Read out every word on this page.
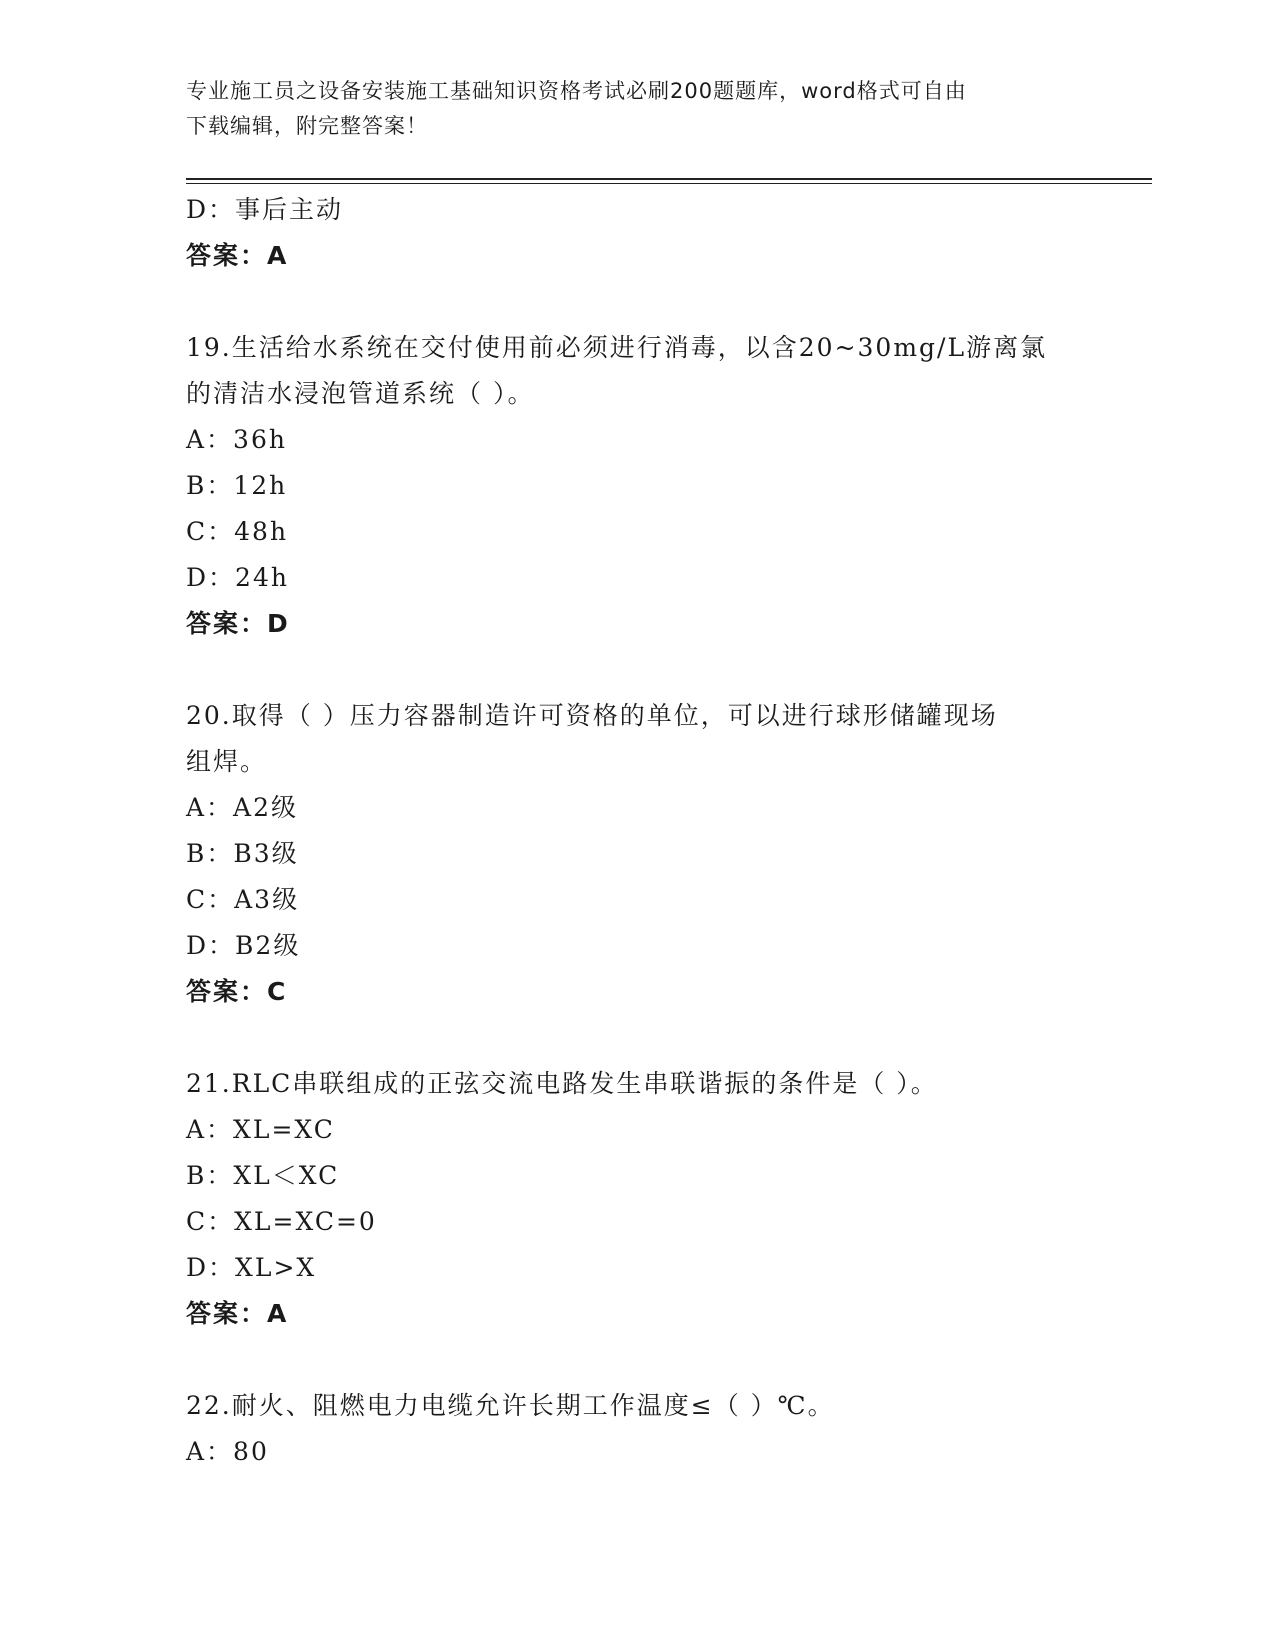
专业施工员之设备安装施工基础知识资格考试必刷200题题库，word格式可自由
下载编辑，附完整答案！
D：事后主动
答案：A
19.生活给水系统在交付使用前必须进行消毒，以含20~30mg/L游离氯
的清洁水浸泡管道系统（ ）。
A：36h
B：12h
C：48h
D：24h
答案：D
20.取得（ ）压力容器制造许可资格的单位，可以进行球形储罐现场
组焊。
A：A2级
B：B3级
C：A3级
D：B2级
答案：C
21.RLC串联组成的正弦交流电路发生串联谐振的条件是（ ）。
A：XL=XC
B：XL＜XC
C：XL=XC=0
D：XL>X
答案：A
22.耐火、阻燃电力电缆允许长期工作温度≤（ ）℃。
A：80
